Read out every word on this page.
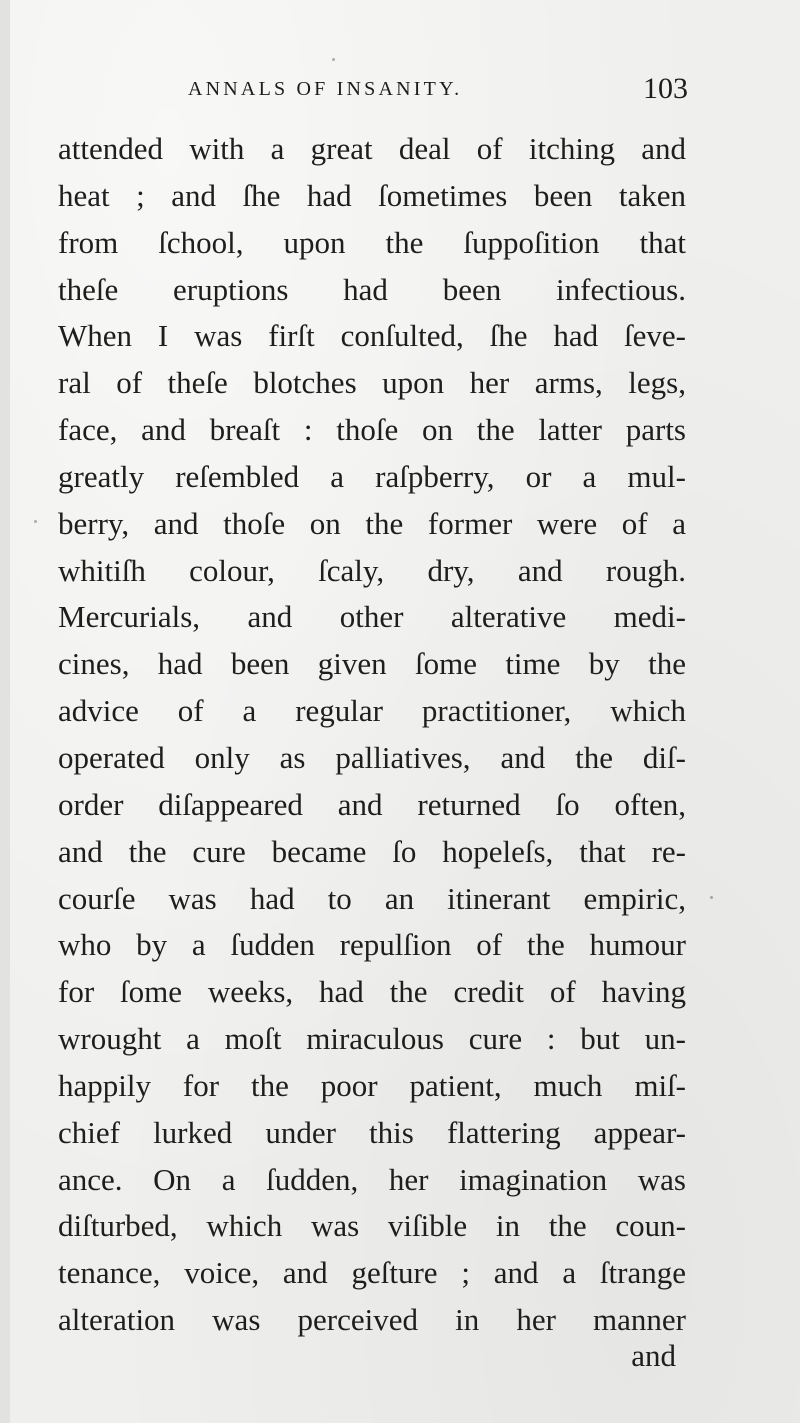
ANNALS OF INSANITY.	103
attended with a great deal of itching and
heat ; and ſhe had ſometimes been taken
from ſchool, upon the ſuppoſition that
theſe eruptions had been infectious.
When I was firſt conſulted, ſhe had ſeve-
ral of theſe blotches upon her arms, legs,
face, and breaſt : thoſe on the latter parts
greatly reſembled a raſpberry, or a mul-
berry, and thoſe on the former were of a
whitiſh colour, ſcaly, dry, and rough.
Mercurials, and other alterative medi-
cines, had been given ſome time by the
advice of a regular practitioner, which
operated only as palliatives, and the diſ-
order diſappeared and returned ſo often,
and the cure became ſo hopeleſs, that re-
courſe was had to an itinerant empiric,
who by a ſudden repulſion of the humour
for ſome weeks, had the credit of having
wrought a moſt miraculous cure : but un-
happily for the poor patient, much miſ-
chief lurked under this flattering appear-
ance. On a ſudden, her imagination was
diſturbed, which was viſible in the coun-
tenance, voice, and geſture ; and a ſtrange
alteration was perceived in her manner
and
